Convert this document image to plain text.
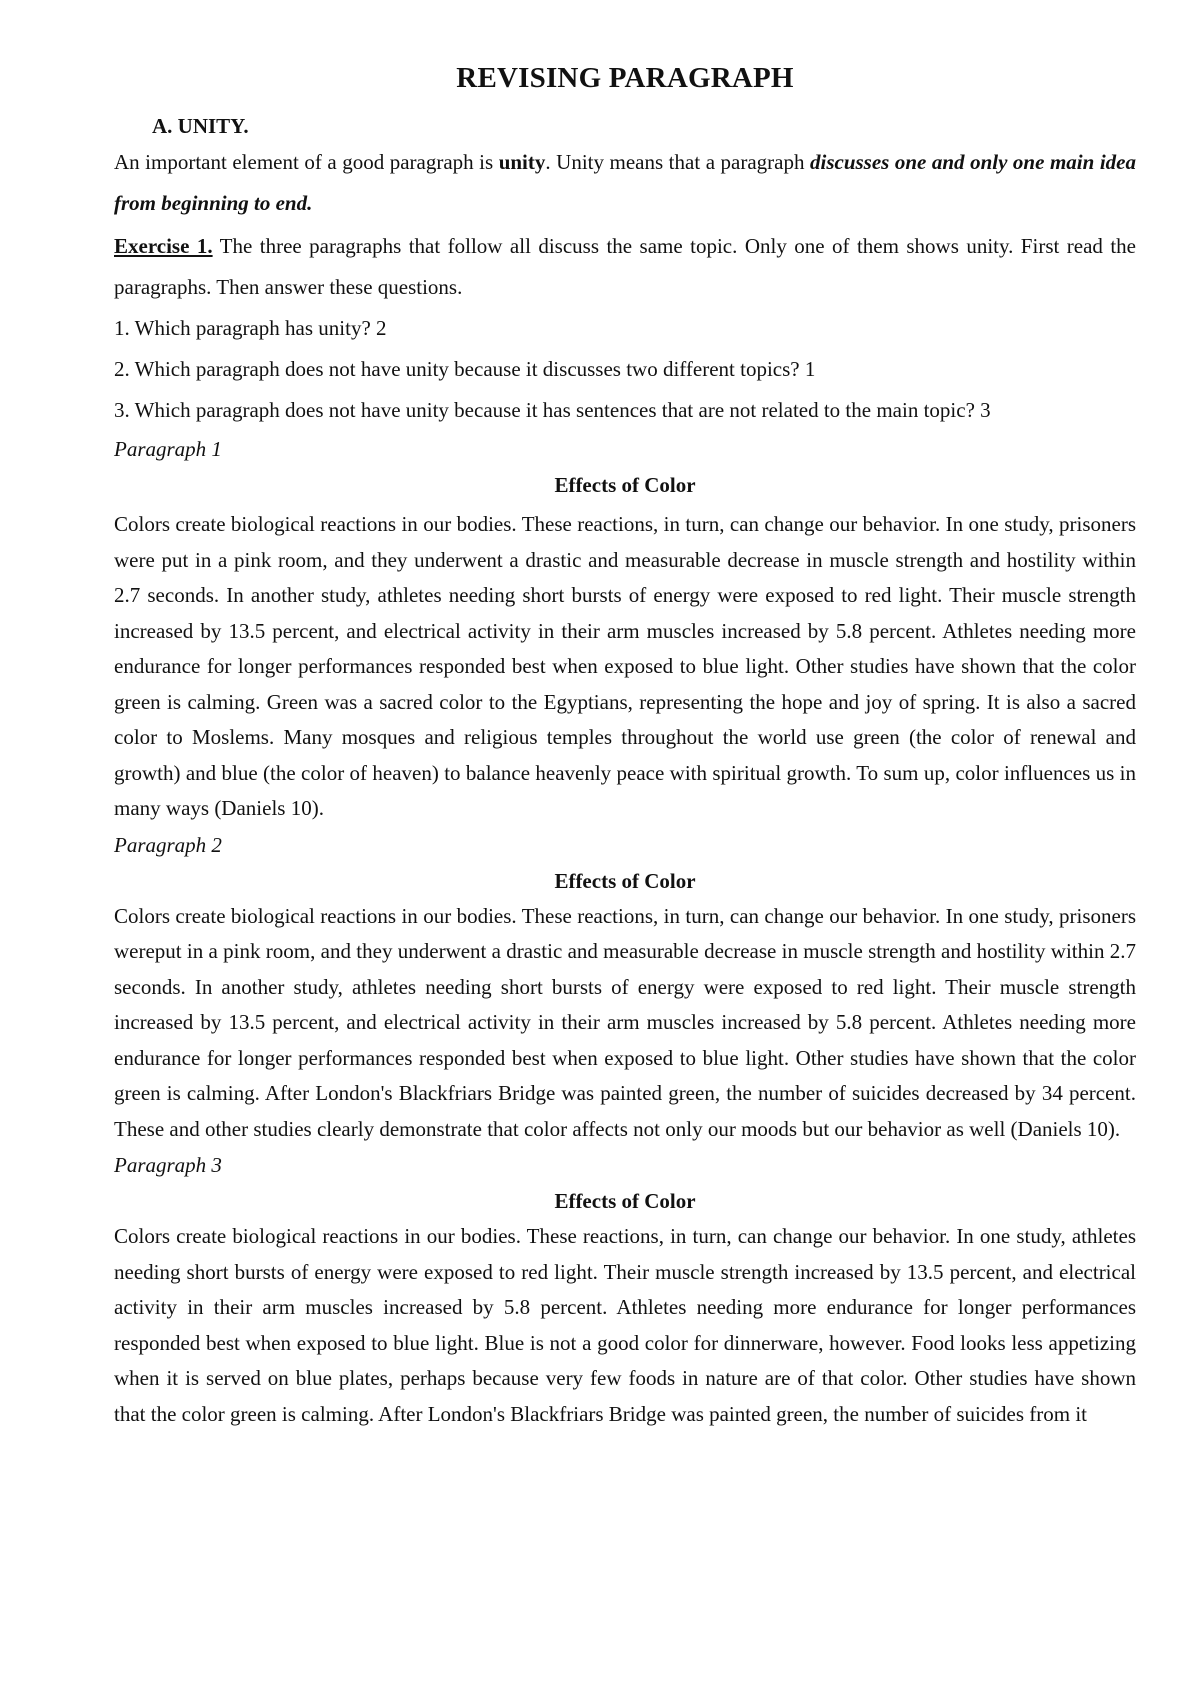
REVISING PARAGRAPH
A. UNITY.

An important element of a good paragraph is unity. Unity means that a paragraph discusses one and only one main idea from beginning to end.

Exercise 1. The three paragraphs that follow all discuss the same topic. Only one of them shows unity. First read the paragraphs. Then answer these questions.

1. Which paragraph has unity? 2

2. Which paragraph does not have unity because it discusses two different topics? 1

3. Which paragraph does not have unity because it has sentences that are not related to the main topic? 3

Paragraph 1

Effects of Color

Colors create biological reactions in our bodies. These reactions, in turn, can change our behavior. In one study, prisoners were put in a pink room, and they underwent a drastic and measurable decrease in muscle strength and hostility within 2.7 seconds. In another study, athletes needing short bursts of energy were exposed to red light. Their muscle strength increased by 13.5 percent, and electrical activity in their arm muscles increased by 5.8 percent. Athletes needing more endurance for longer performances responded best when exposed to blue light. Other studies have shown that the color green is calming. Green was a sacred color to the Egyptians, representing the hope and joy of spring. It is also a sacred color to Moslems. Many mosques and religious temples throughout the world use green (the color of renewal and growth) and blue (the color of heaven) to balance heavenly peace with spiritual growth. To sum up, color influences us in many ways (Daniels 10).

Paragraph 2

Effects of Color

Colors create biological reactions in our bodies. These reactions, in turn, can change our behavior. In one study, prisoners wereput in a pink room, and they underwent a drastic and measurable decrease in muscle strength and hostility within 2.7 seconds. In another study, athletes needing short bursts of energy were exposed to red light. Their muscle strength increased by 13.5 percent, and electrical activity in their arm muscles increased by 5.8 percent. Athletes needing more endurance for longer performances responded best when exposed to blue light. Other studies have shown that the color green is calming. After London's Blackfriars Bridge was painted green, the number of suicides decreased by 34 percent. These and other studies clearly demonstrate that color affects not only our moods but our behavior as well (Daniels 10).

Paragraph 3

Effects of Color

Colors create biological reactions in our bodies. These reactions, in turn, can change our behavior. In one study, athletes needing short bursts of energy were exposed to red light. Their muscle strength increased by 13.5 percent, and electrical activity in their arm muscles increased by 5.8 percent. Athletes needing more endurance for longer performances responded best when exposed to blue light. Blue is not a good color for dinnerware, however. Food looks less appetizing when it is served on blue plates, perhaps because very few foods in nature are of that color. Other studies have shown that the color green is calming. After London's Blackfriars Bridge was painted green, the number of suicides from it
